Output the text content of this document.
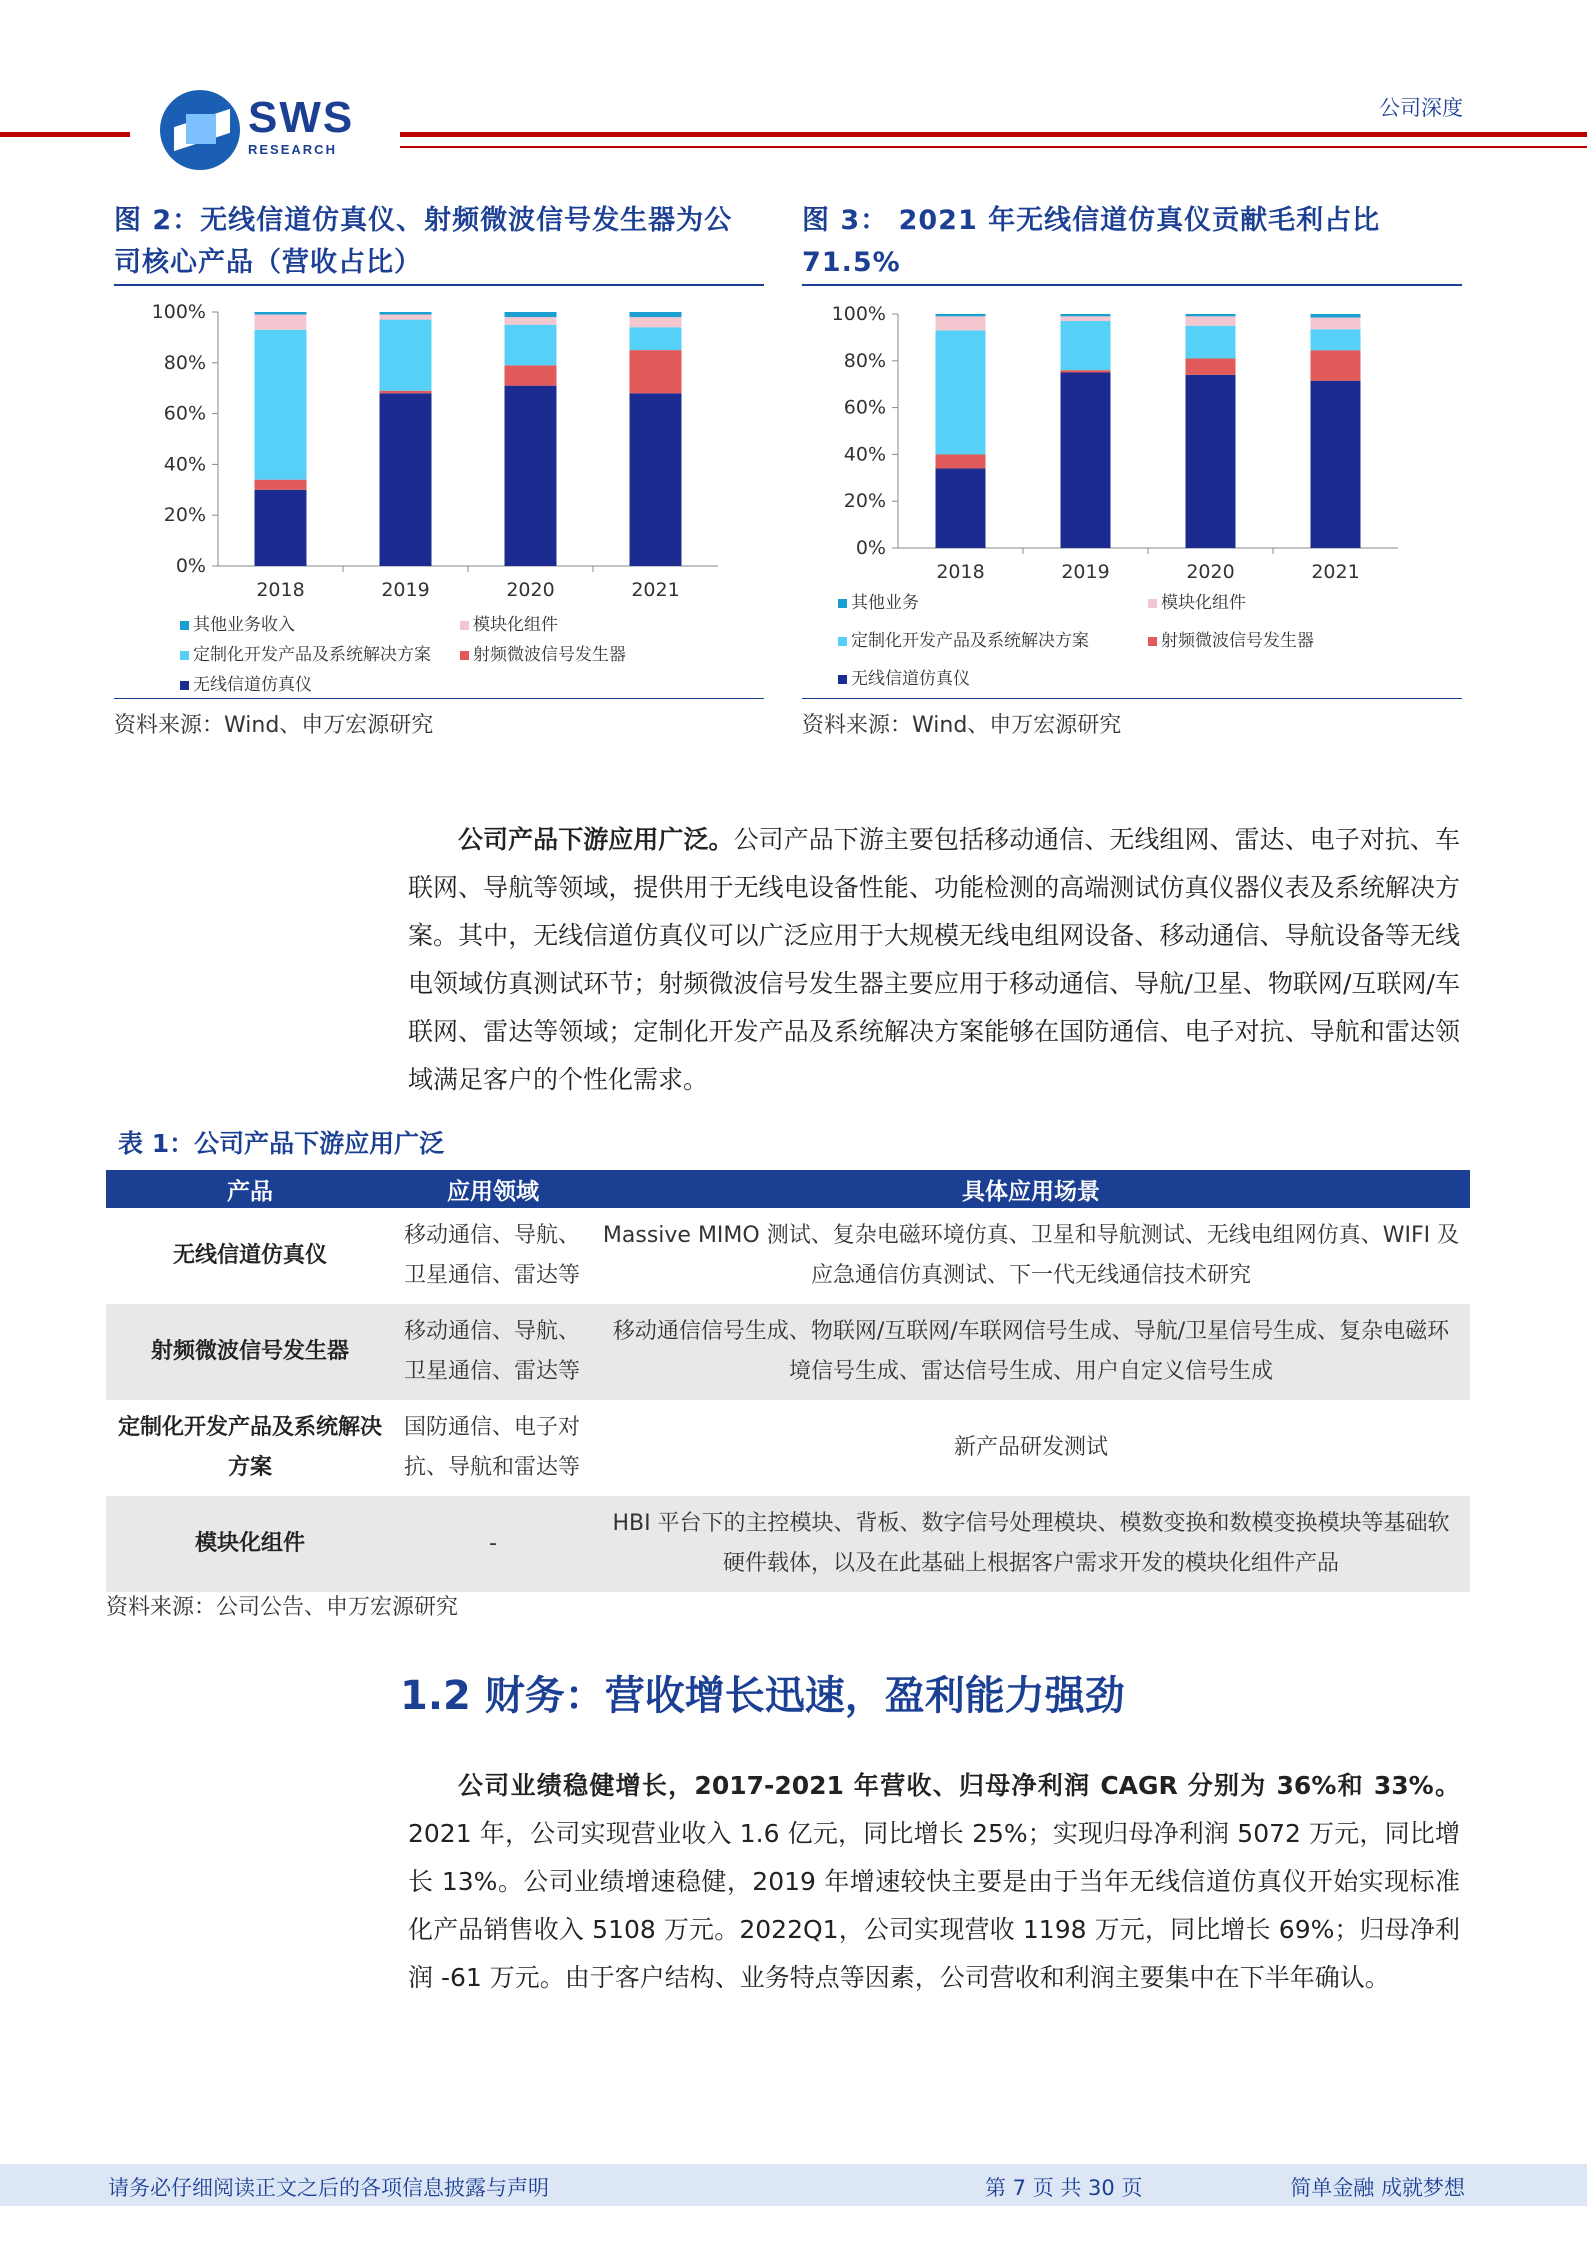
SWS
RESEARCH
公司深度
图 2：无线信道仿真仪、射频微波信号发生器为公
司核心产品（营收占比）
0%
20%
40%
60%
80%
100%
2018	2019	2020	2021
其他业务收入	模块化组件
定制化开发产品及系统解决方案	射频微波信号发生器
无线信道仿真仪
资料来源：Wind、申万宏源研究
图 3： 2021 年无线信道仿真仪贡献毛利占比
71.5%
0%
20%
40%
60%
80%
100%
2018	2019	2020	2021
其他业务	模块化组件
定制化开发产品及系统解决方案	射频微波信号发生器
无线信道仿真仪
资料来源：Wind、申万宏源研究
公司产品下游应用广泛。公司产品下游主要包括移动通信、无线组网、雷达、电子对抗、车联网、导航等领域，提供用于无线电设备性能、功能检测的高端测试仿真仪器仪表及系统解决方案。其中，无线信道仿真仪可以广泛应用于大规模无线电组网设备、移动通信、导航设备等无线电领域仿真测试环节；射频微波信号发生器主要应用于移动通信、导航/卫星、物联网/互联网/车联网、雷达等领域；定制化开发产品及系统解决方案能够在国防通信、电子对抗、导航和雷达领域满足客户的个性化需求。
表 1：公司产品下游应用广泛
产品	应用领域	具体应用场景
无线信道仿真仪	移动通信、导航、卫星通信、雷达等	Massive MIMO 测试、复杂电磁环境仿真、卫星和导航测试、无线电组网仿真、WIFI 及应急通信仿真测试、下一代无线通信技术研究
射频微波信号发生器	移动通信、导航、卫星通信、雷达等	移动通信信号生成、物联网/互联网/车联网信号生成、导航/卫星信号生成、复杂电磁环境信号生成、雷达信号生成、用户自定义信号生成
定制化开发产品及系统解决方案	国防通信、电子对抗、导航和雷达等	新产品研发测试
模块化组件	-	HBI 平台下的主控模块、背板、数字信号处理模块、模数变换和数模变换模块等基础软硬件载体，以及在此基础上根据客户需求开发的模块化组件产品
资料来源：公司公告、申万宏源研究
1.2 财务：营收增长迅速，盈利能力强劲
公司业绩稳健增长，2017-2021 年营收、归母净利润 CAGR 分别为 36%和 33%。2021 年，公司实现营业收入 1.6 亿元，同比增长 25%；实现归母净利润 5072 万元，同比增长 13%。公司业绩增速稳健，2019 年增速较快主要是由于当年无线信道仿真仪开始实现标准化产品销售收入 5108 万元。2022Q1，公司实现营收 1198 万元，同比增长 69%；归母净利润 -61 万元。由于客户结构、业务特点等因素，公司营收和利润主要集中在下半年确认。
请务必仔细阅读正文之后的各项信息披露与声明	第 7 页 共 30 页	简单金融 成就梦想
